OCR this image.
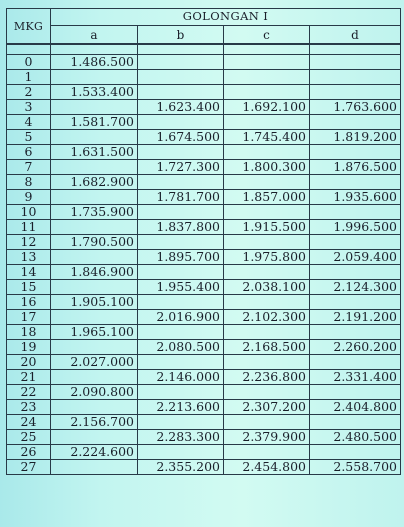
MKG	GOLONGAN I			
	a	b	c	d

0	1.486.500			
1				
2	1.533.400			
3		1.623.400	1.692.100	1.763.600
4	1.581.700			
5		1.674.500	1.745.400	1.819.200
6	1.631.500			
7		1.727.300	1.800.300	1.876.500
8	1.682.900			
9		1.781.700	1.857.000	1.935.600
10	1.735.900			
11		1.837.800	1.915.500	1.996.500
12	1.790.500			
13		1.895.700	1.975.800	2.059.400
14	1.846.900			
15		1.955.400	2.038.100	2.124.300
16	1.905.100			
17		2.016.900	2.102.300	2.191.200
18	1.965.100			
19		2.080.500	2.168.500	2.260.200
20	2.027.000			
21		2.146.000	2.236.800	2.331.400
22	2.090.800			
23		2.213.600	2.307.200	2.404.800
24	2.156.700			
25		2.283.300	2.379.900	2.480.500
26	2.224.600			
27		2.355.200	2.454.800	2.558.700
